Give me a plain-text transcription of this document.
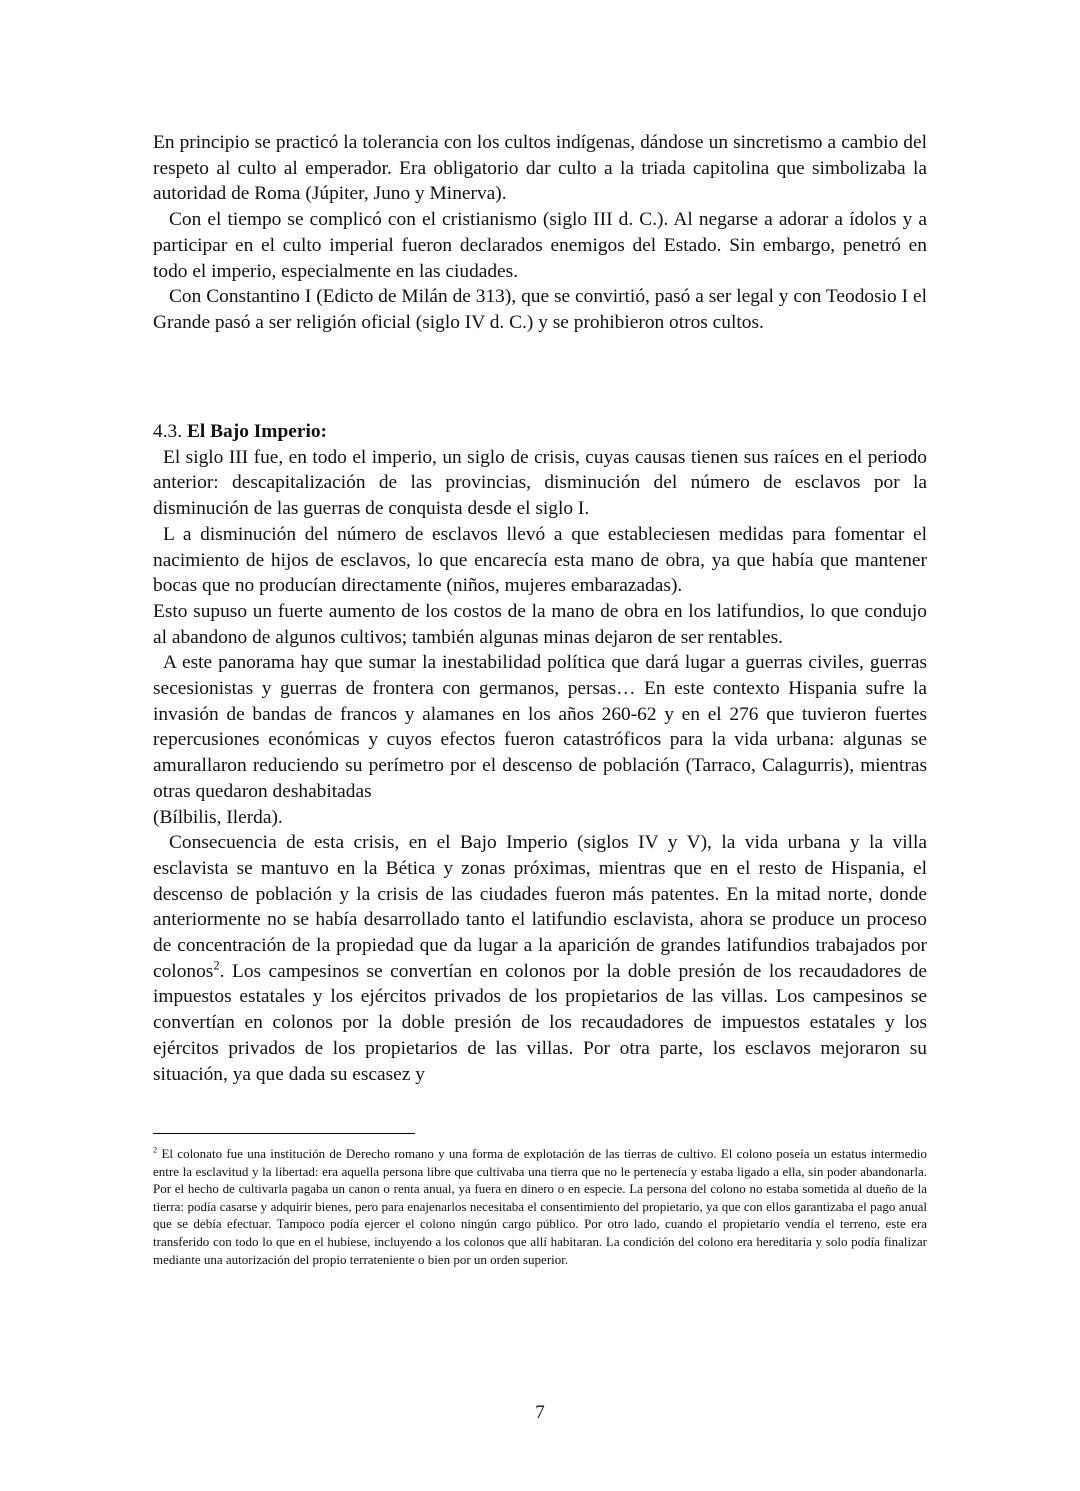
En principio se practicó la tolerancia con los cultos indígenas, dándose un sincretismo a cambio del respeto al culto al emperador. Era obligatorio dar culto a la triada capitolina que simbolizaba la autoridad de Roma (Júpiter, Juno y Minerva).

Con el tiempo se complicó con el cristianismo (siglo III d. C.). Al negarse a adorar a ídolos y a participar en el culto imperial fueron declarados enemigos del Estado. Sin embargo, penetró en todo el imperio, especialmente en las ciudades.

Con Constantino I (Edicto de Milán de 313), que se convirtió, pasó a ser legal y con Teodosio I el Grande pasó a ser religión oficial (siglo IV d. C.) y se prohibieron otros cultos.

4.3. El Bajo Imperio:

El siglo III fue, en todo el imperio, un siglo de crisis, cuyas causas tienen sus raíces en el periodo anterior: descapitalización de las provincias, disminución del número de esclavos por la disminución de las guerras de conquista desde el siglo I.

L a disminución del número de esclavos llevó a que estableciesen medidas para fomentar el nacimiento de hijos de esclavos, lo que encarecía esta mano de obra, ya que había que mantener bocas que no producían directamente (niños, mujeres embarazadas).

Esto supuso un fuerte aumento de los costos de la mano de obra en los latifundios, lo que condujo al abandono de algunos cultivos; también algunas minas dejaron de ser rentables.

A este panorama hay que sumar la inestabilidad política que dará lugar a guerras civiles, guerras secesionistas y guerras de frontera con germanos, persas… En este contexto Hispania sufre la invasión de bandas de francos y alamanes en los años 260-62 y en el 276 que tuvieron fuertes repercusiones económicas y cuyos efectos fueron catastróficos para la vida urbana: algunas se amurallaron reduciendo su perímetro por el descenso de población (Tarraco, Calagurris), mientras otras quedaron deshabitadas

(Bílbilis, Ilerda).

Consecuencia de esta crisis, en el Bajo Imperio (siglos IV y V), la vida urbana y la villa esclavista se mantuvo en la Bética y zonas próximas, mientras que en el resto de Hispania, el descenso de población y la crisis de las ciudades fueron más patentes. En la mitad norte, donde anteriormente no se había desarrollado tanto el latifundio esclavista, ahora se produce un proceso de concentración de la propiedad que da lugar a la aparición de grandes latifundios trabajados por colonos$^2$. Los campesinos se convertían en colonos por la doble presión de los recaudadores de impuestos estatales y los ejércitos privados de los propietarios de las villas. Los campesinos se convertían en colonos por la doble presión de los recaudadores de impuestos estatales y los ejércitos privados de los propietarios de las villas. Por otra parte, los esclavos mejoraron su situación, ya que dada su escasez y

$^2$ El colonato fue una institución de Derecho romano y una forma de explotación de las tierras de cultivo. El colono poseía un estatus intermedio entre la esclavitud y la libertad: era aquella persona libre que cultivaba una tierra que no le pertenecía y estaba ligado a ella, sin poder abandonarla. Por el hecho de cultivarla pagaba un canon o renta anual, ya fuera en dinero o en especie. La persona del colono no estaba sometida al dueño de la tierra: podía casarse y adquirir bienes, pero para enajenarlos necesitaba el consentimiento del propietario, ya que con ellos garantizaba el pago anual que se debía efectuar. Tampoco podía ejercer el colono ningún cargo público. Por otro lado, cuando el propietario vendía el terreno, este era transferido con todo lo que en el hubiese, incluyendo a los colonos que allí habitaran. La condición del colono era hereditaria y solo podía finalizar mediante una autorización del propio terrateniente o bien por un orden superior.
7
